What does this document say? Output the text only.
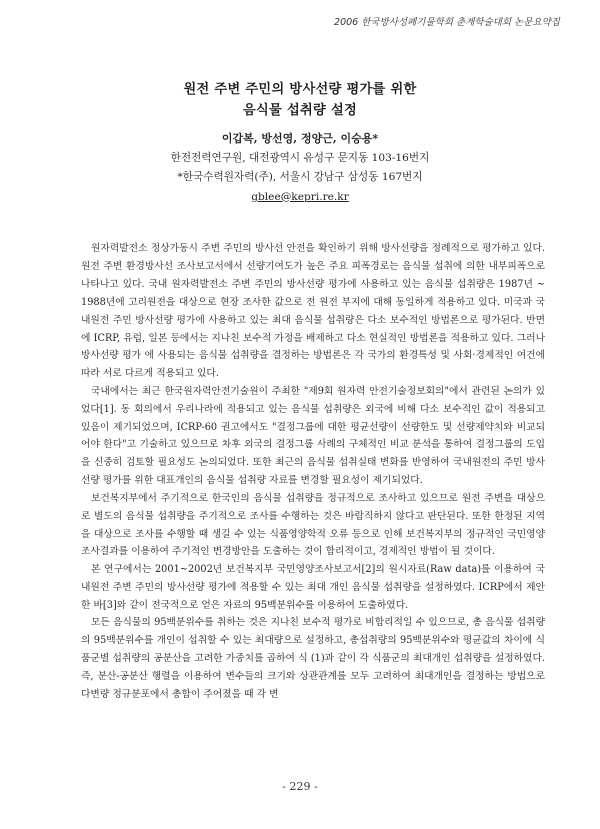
2006 한국방사성폐기물학회 춘계학술대회 논문요약집
원전 주변 주민의 방사선량 평가를 위한
음식물 섭취량 설정
이갑복, 방선영, 정양근, 이승용*
한전전력연구원, 대전광역시 유성구 문지동 103-16번지
*한국수력원자력(주), 서울시 강남구 삼성동 167번지
gblee@kepri.re.kr

원자력발전소 정상가동시 주변 주민의 방사선 안전을 확인하기 위해 방사선량을 정례적으로 평가하고 있다. 원전 주변 환경방사선 조사보고서에서 선량기여도가 높은 주요 피폭경로는 음식물 섭취에 의한 내부피폭으로 나타나고 있다. 국내 원자력발전소 주변 주민의 방사선량 평가에 사용하고 있는 음식물 섭취량은 1987년 ~ 1988년에 고리원전을 대상으로 현장 조사한 값으로 전 원전 부지에 대해 동일하게 적용하고 있다. 미국과 국내원전 주민 방사선량 평가에 사용하고 있는 최대 음식물 섭취량은 다소 보수적인 방법론으로 평가된다. 반면에 ICRP, 유럽, 일본 등에서는 지나친 보수적 가정을 배제하고 다소 현실적인 방법론을 적용하고 있다. 그러나 방사선량 평가 에 사용되는 음식물 섭취량을 결정하는 방법론은 각 국가의 환경특성 및 사회·경제적인 여건에 따라 서로 다르게 적용되고 있다.

국내에서는 최근 한국원자력안전기술원이 주최한 "제9회 원자력 안전기술정보회의"에서 관련된 논의가 있었다[1]. 동 회의에서 우리나라에 적용되고 있는 음식물 섭취량은 외국에 비해 다소 보수적인 값이 적용되고 있음이 제기되었으며, ICRP-60 권고에서도 "결정그룹에 대한 평균선량이 선량한도 및 선량제약치와 비교되어야 한다"고 기술하고 있으므로 차후 외국의 결정그룹 사례의 구체적인 비교 분석을 통하여 결정그룹의 도입을 신중히 검토할 필요성도 논의되었다. 또한 최근의 음식물 섭취실태 변화를 반영하여 국내원전의 주민 방사선량 평가를 위한 대표개인의 음식물 섭취량 자료를 변경할 필요성이 제기되었다.

보건복지부에서 주기적으로 한국인의 음식물 섭취량을 정규적으로 조사하고 있으므로 원전 주변을 대상으로 별도의 음식물 섭취량을 주기적으로 조사를 수행하는 것은 바람직하지 않다고 판단된다. 또한 한정된 지역을 대상으로 조사를 수행할 때 생길 수 있는 식품영양학적 오류 등으로 인해 보건복지부의 정규적인 국민영양조사결과를 이용하여 주기적인 변경방안을 도출하는 것이 합리적이고, 경제적인 방법이 될 것이다.

본 연구에서는 2001~2002년 보건복지부 국민영양조사보고서[2]의 원시자료(Raw data)를 이용하여 국내원전 주변 주민의 방사선량 평가에 적용할 수 있는 최대 개인 음식물 섭취량을 설정하였다. ICRP에서 제안한 바[3]와 같이 전국적으로 얻은 자료의 95백분위수를 이용하여 도출하였다.

모든 음식물의 95백분위수를 취하는 것은 지나친 보수적 평가로 비합리적일 수 있으므로, 총 음식물 섭취량의 95백분위수를 개인이 섭취할 수 있는 최대량으로 설정하고, 총섭취량의 95백분위수와 평균값의 차이에 식품군별 섭취량의 공분산을 고려한 가중치를 곱하여 식 (1)과 같이 각 식품군의 최대개인 섭취량을 설정하였다. 즉, 분산-공분산 행렬을 이용하여 변수들의 크기와 상관관계를 모두 고려하여 최대개인을 결정하는 방법으로 다변량 정규분포에서 총합이 주어졌을 때 각 변

- 229 -
